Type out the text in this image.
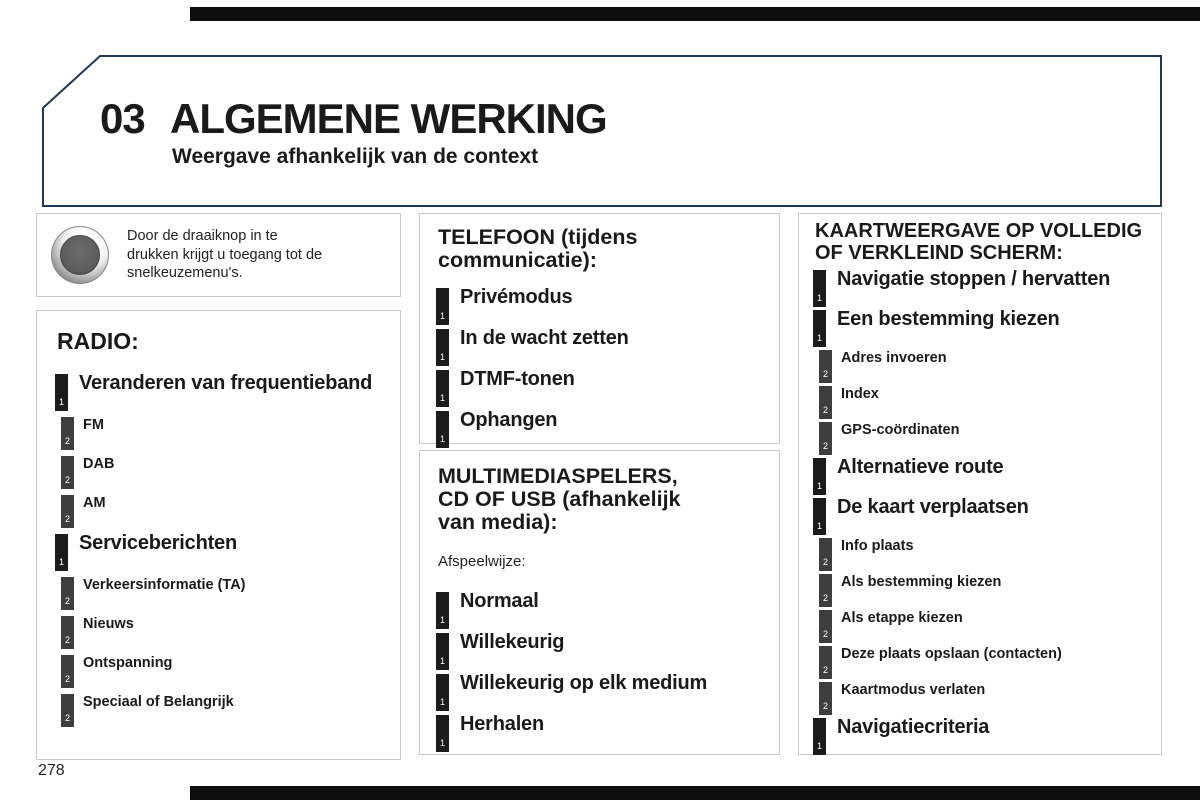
03 ALGEMENE WERKING
Weergave afhankelijk van de context
Door de draaiknop in te
drukken krijgt u toegang tot de
snelkeuzemenu's.
RADIO:
1
Veranderen van frequentieband
2
FM
2
DAB
2
AM
1
Serviceberichten
2
Verkeersinformatie (TA)
2
Nieuws
2
Ontspanning
2
Speciaal of Belangrijk
TELEFOON (tijdens
communicatie):
1
Privémodus
1
In de wacht zetten
1
DTMF-tonen
1
Ophangen
MULTIMEDIASPELERS,
CD OF USB (afhankelijk
van media):
Afspeelwijze:
1
Normaal
1
Willekeurig
1
Willekeurig op elk medium
1
Herhalen
KAARTWEERGAVE OP VOLLEDIG
OF VERKLEIND SCHERM:
1
Navigatie stoppen / hervatten
1
Een bestemming kiezen
2
Adres invoeren
2
Index
2
GPS-coördinaten
1
Alternatieve route
1
De kaart verplaatsen
2
Info plaats
2
Als bestemming kiezen
2
Als etappe kiezen
2
Deze plaats opslaan (contacten)
2
Kaartmodus verlaten
1
Navigatiecriteria
278
